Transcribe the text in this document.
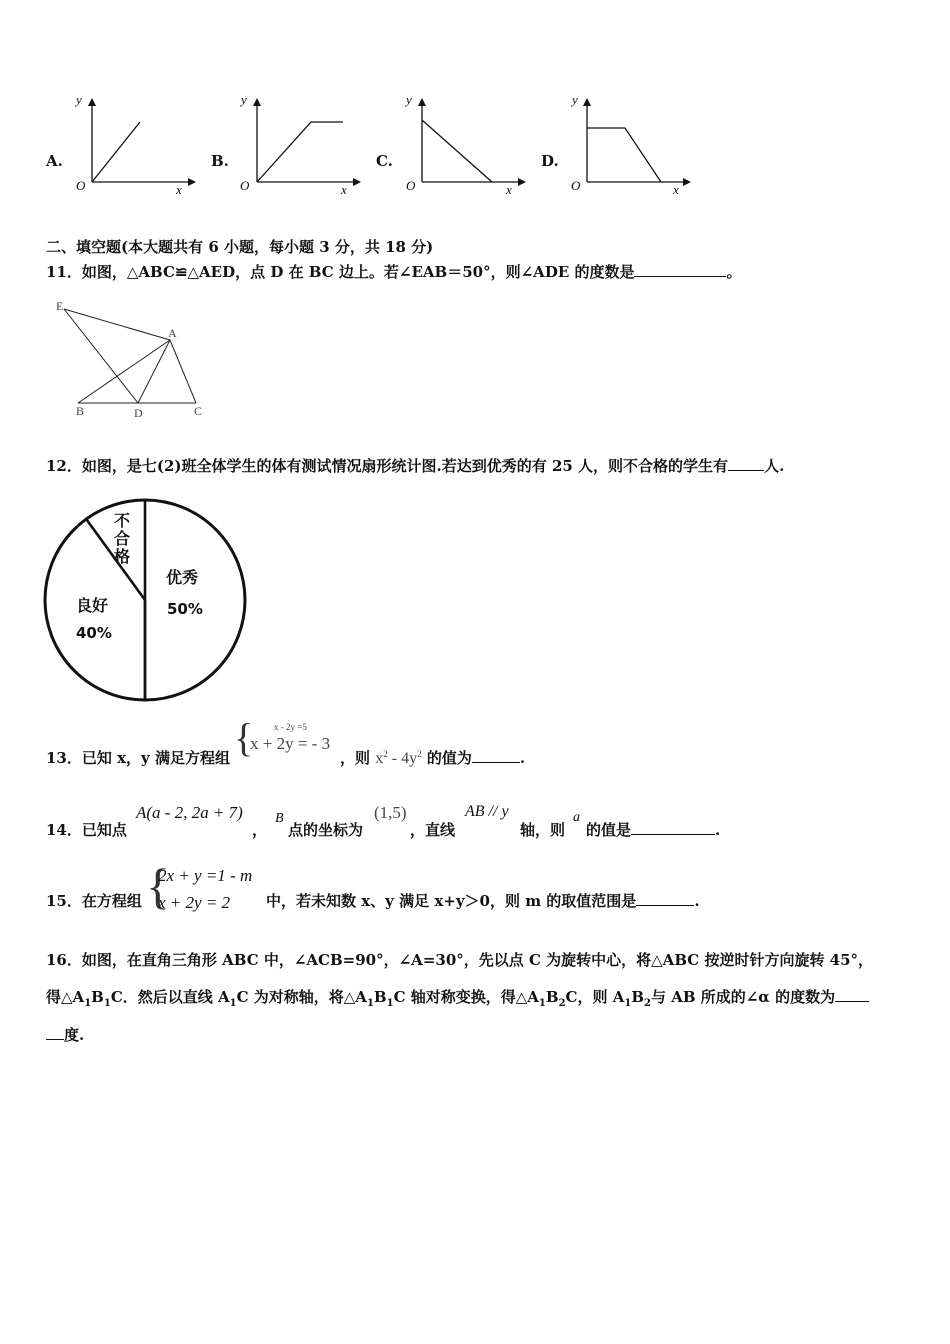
A.
y
O	x
B.
y
O	x
C.
y
O	x
D.
y
O	x
二、填空题(本大题共有 6 小题，每小题 3 分，共 18 分)
11．如图，△ABC≌△AED，点 D 在 BC 边上。若∠EAB＝50°，则∠ADE 的度数是	。
E
A
B	D	C
12．如图，是七(2)班全体学生的体有测试情况扇形统计图.若达到优秀的有 25 人，则不合格的学生有 人.
不
合
格
优秀
50%
良好
40%
13．已知 x，y 满足方程组 { x - 2y =5
x + 2y = - 3
，则 $x^2 - 4y^2$ 的值为	.
14．已知点
A(a - 2, 2a + 7)
，
B
点的坐标为
(1,5)
，直线
AB // y
轴，则
a
的值是	.
15．在方程组 {
2x + y =1 - m
x + 2y = 2 中，若未知数 x、y 满足 x+y＞0，则 m 的取值范围是	.
16．如图，在直角三角形 ABC 中，∠ACB=90°，∠A=30°，先以点 C 为旋转中心，将△ABC 按逆时针方向旋转 45°，
得$\triangle A_1B_1C$．然后以直线 $A_1C$ 为对称轴，将$\triangle A_1B_1C$ 轴对称变换，得$\triangle A_1B_2C$，则 $A_1B_2$与 AB 所成的∠α 的度数为
度.
